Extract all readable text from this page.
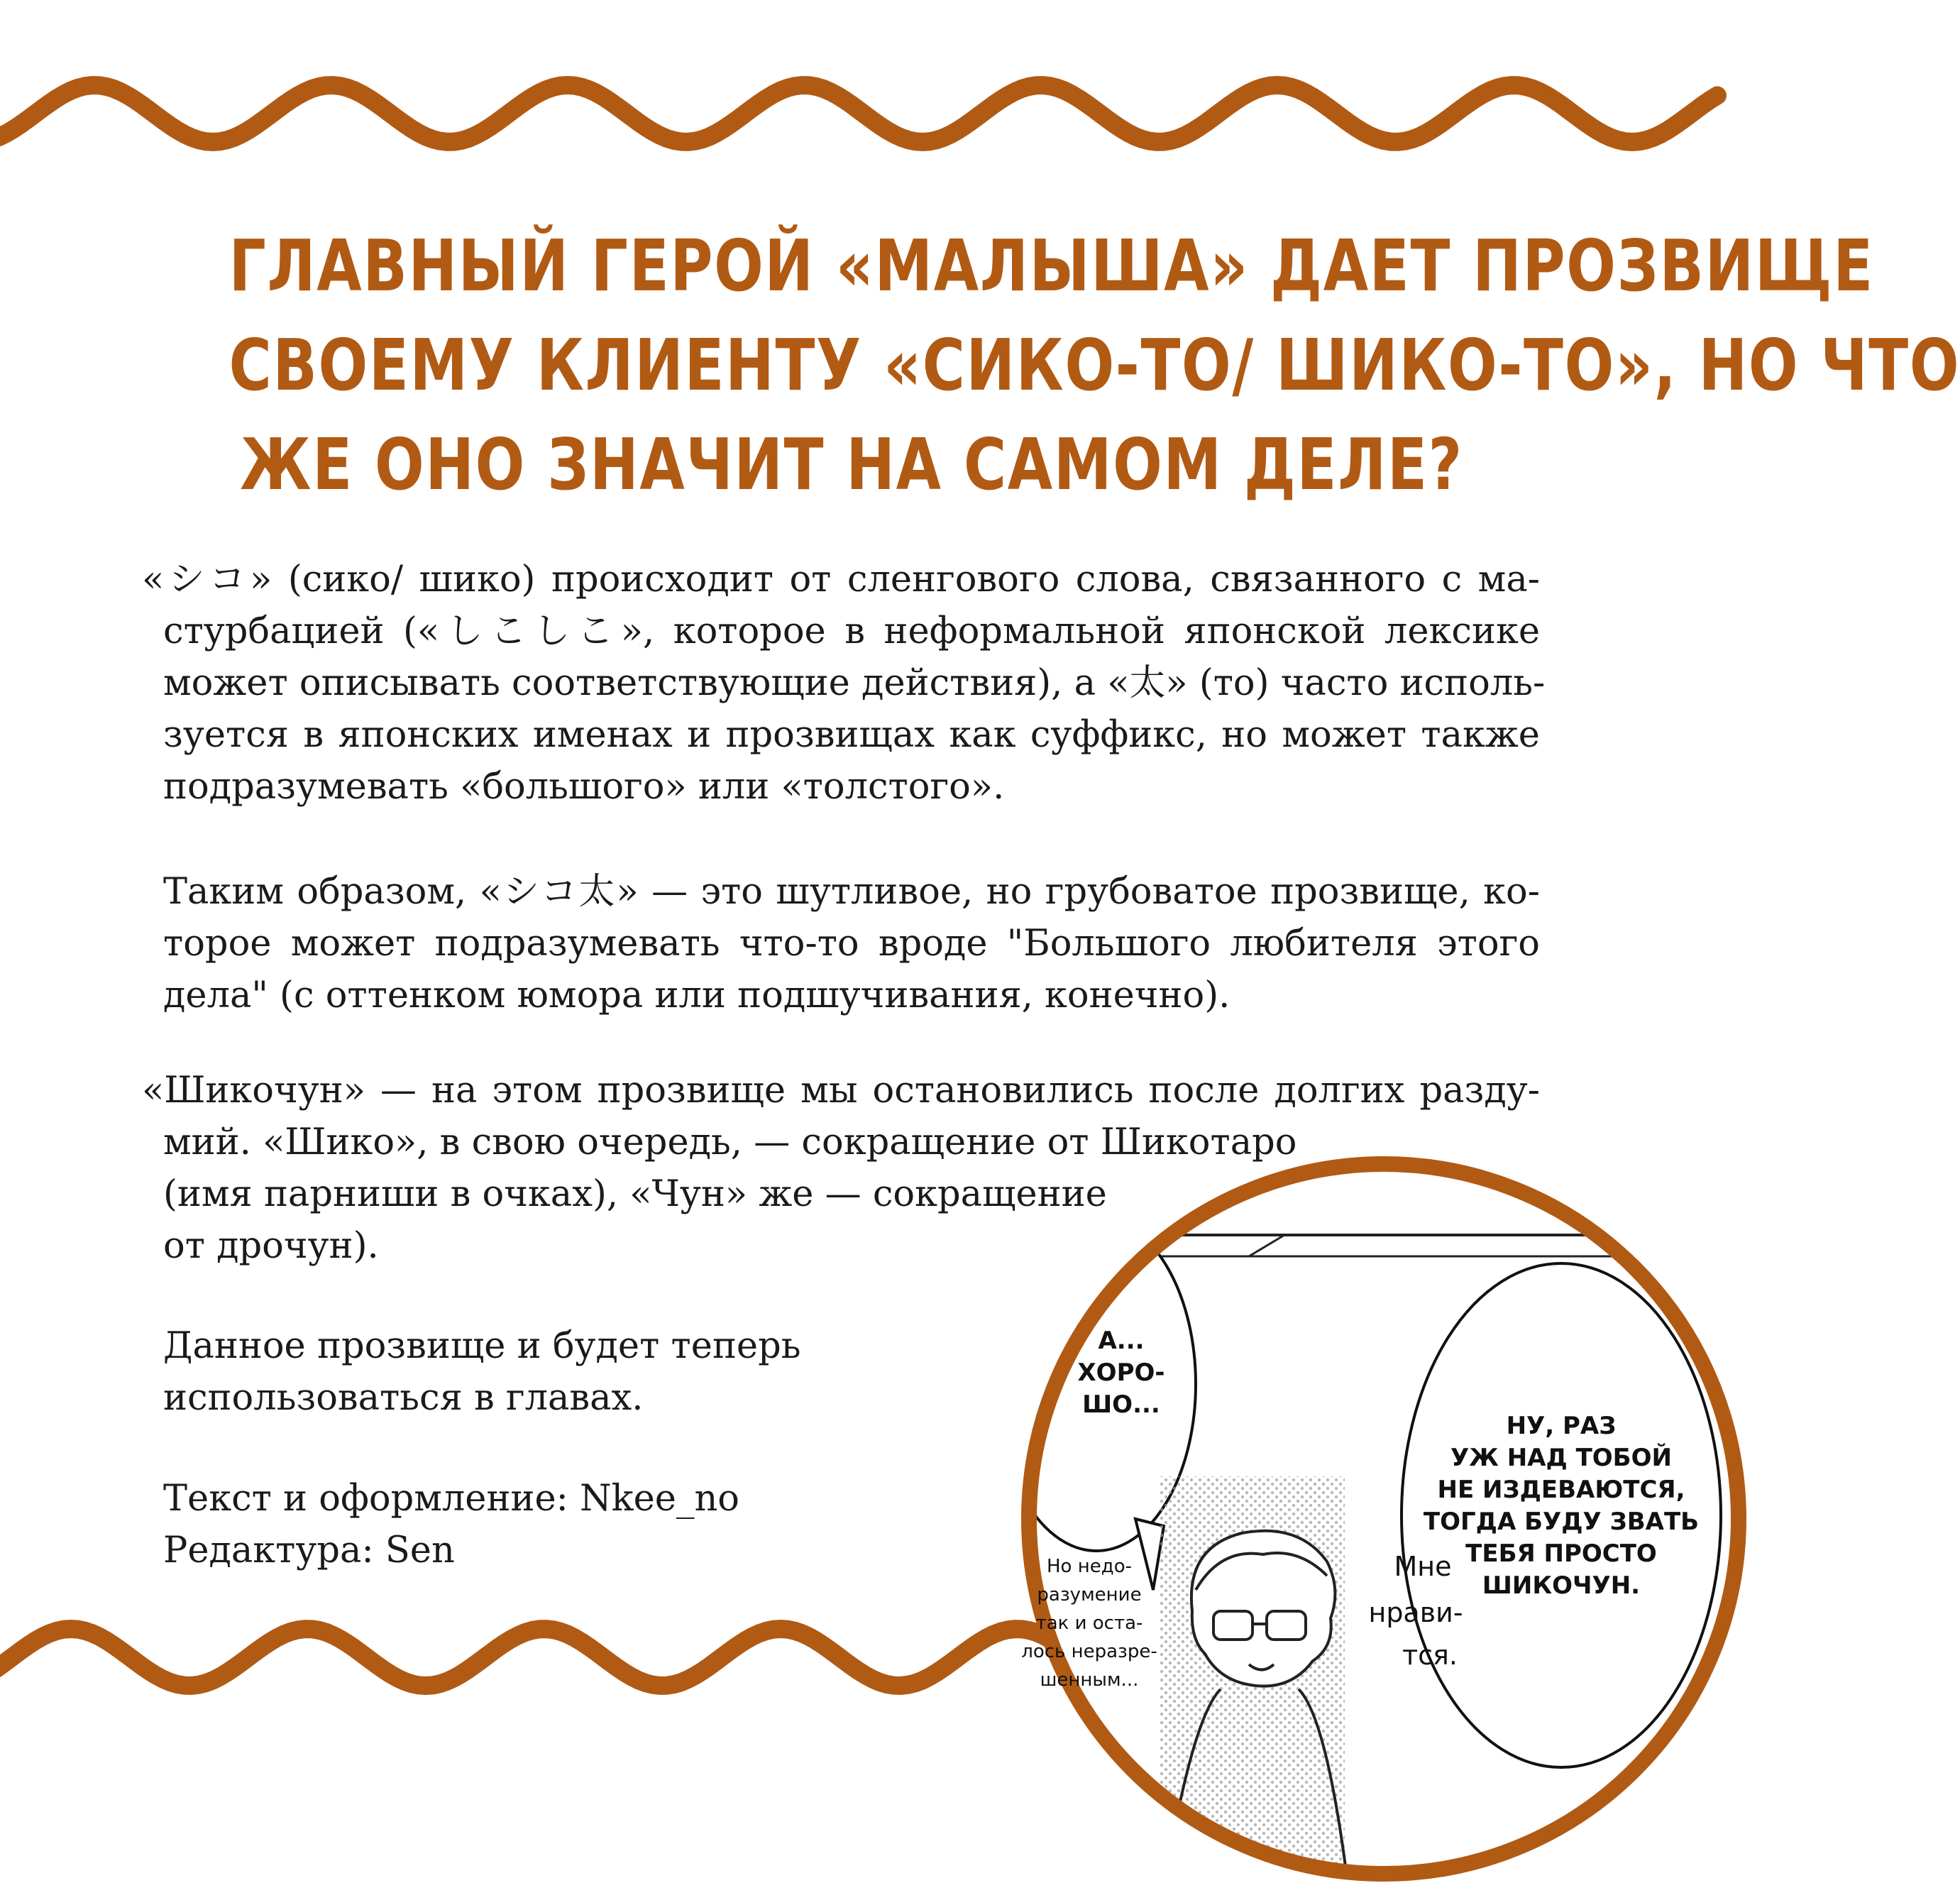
ГЛАВНЫЙ ГЕРОЙ «МАЛЫША» ДАЕТ ПРОЗВИЩЕ
СВОЕМУ КЛИЕНТУ «СИКО-ТО/ ШИКО-ТО», НО ЧТО
ЖЕ ОНО ЗНАЧИТ НА САМОМ ДЕЛЕ?
«シコ» (сико/ шико) происходит от сленгового слова, связанного с ма-
стурбацией («しこしこ», которое в неформальной японской лексике
может описывать соответствующие действия), а «太» (то) часто исполь-
зуется в японских именах и прозвищах как суффикс, но может также
подразумевать «большого» или «толстого».
Таким образом, «シコ太» — это шутливое, но грубоватое прозвище, ко-
торое может подразумевать что-то вроде "Большого любителя этого
дела" (с оттенком юмора или подшучивания, конечно).
«Шикочун» — на этом прозвище мы остановились после долгих разду-
мий. «Шико», в свою очередь, — сокращение от Шикотаро
(имя парниши в очках), «Чун» же — сокращение
от дрочун).
Данное прозвище и будет теперь
использоваться в главах.
Текст и оформление: Nkee_no
Редактура: Sen
А...
ХОРО-
ШО...
НУ, РАЗ
УЖ НАД ТОБОЙ
НЕ ИЗДЕВАЮТСЯ,
ТОГДА БУДУ ЗВАТЬ
ТЕБЯ ПРОСТО
ШИКОЧУН.
Но недо-
разумение
так и оста-
лось неразре-
шенным...
Мне
нрави-
тся.
